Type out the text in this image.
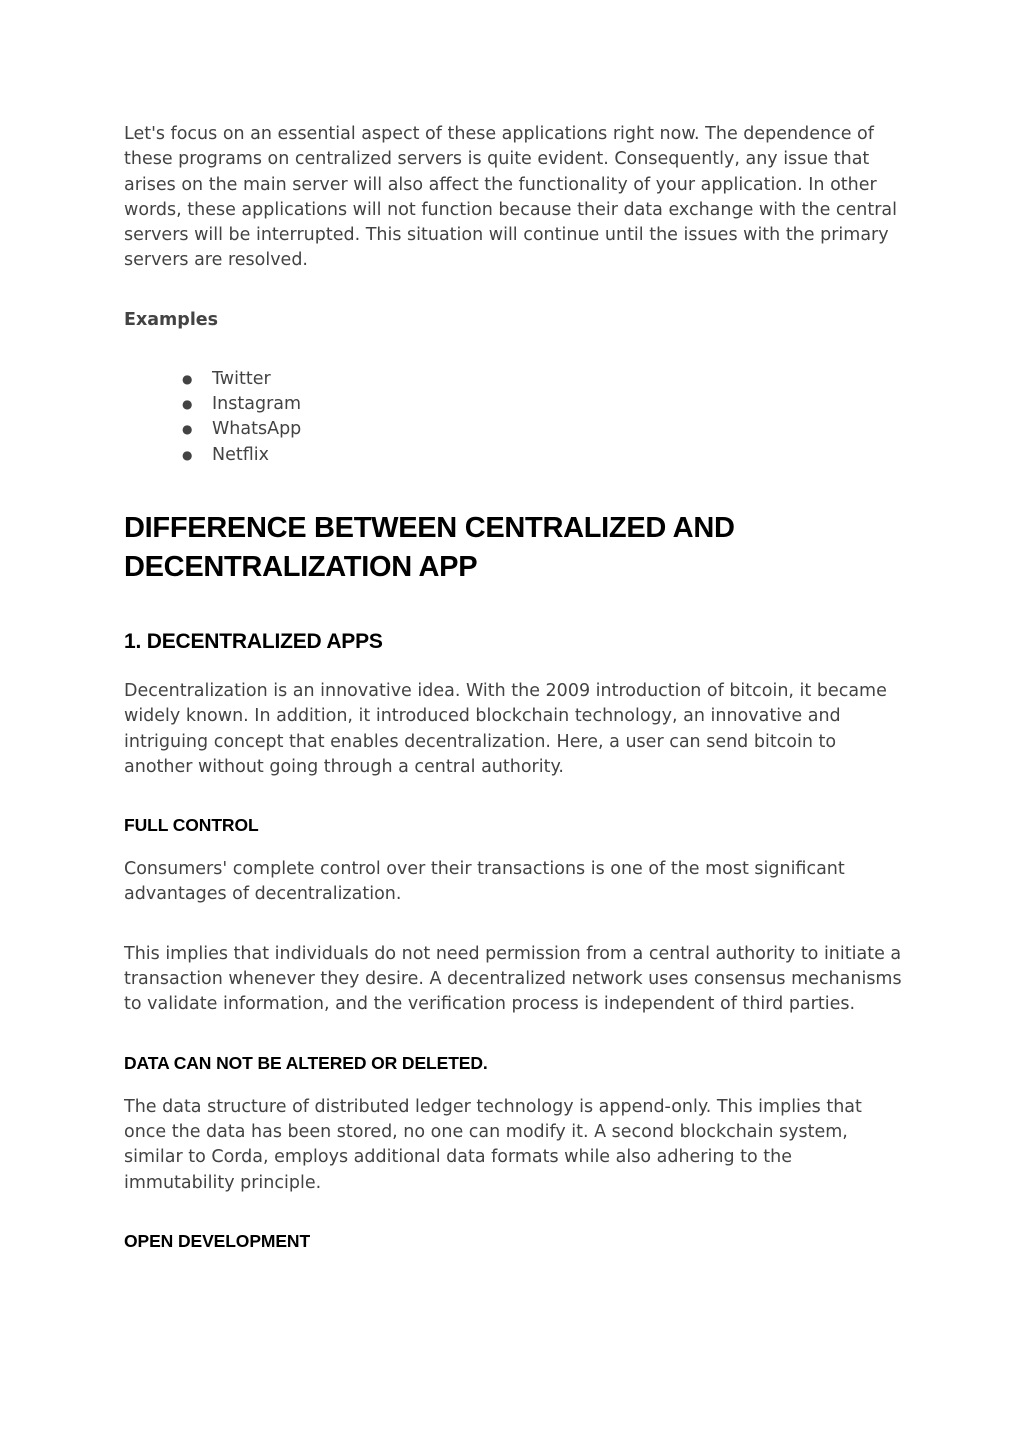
Let's focus on an essential aspect of these applications right now. The dependence of these programs on centralized servers is quite evident. Consequently, any issue that arises on the main server will also affect the functionality of your application. In other words, these applications will not function because their data exchange with the central servers will be interrupted. This situation will continue until the issues with the primary servers are resolved.

Examples

● Twitter
● Instagram
● WhatsApp
● Netflix
DIFFERENCE BETWEEN CENTRALIZED AND DECENTRALIZATION APP
1. DECENTRALIZED APPS

Decentralization is an innovative idea. With the 2009 introduction of bitcoin, it became widely known. In addition, it introduced blockchain technology, an innovative and intriguing concept that enables decentralization. Here, a user can send bitcoin to another without going through a central authority.

FULL CONTROL

Consumers' complete control over their transactions is one of the most significant advantages of decentralization.

This implies that individuals do not need permission from a central authority to initiate a transaction whenever they desire. A decentralized network uses consensus mechanisms to validate information, and the verification process is independent of third parties.

DATA CAN NOT BE ALTERED OR DELETED.

The data structure of distributed ledger technology is append-only. This implies that once the data has been stored, no one can modify it. A second blockchain system, similar to Corda, employs additional data formats while also adhering to the immutability principle.

OPEN DEVELOPMENT
